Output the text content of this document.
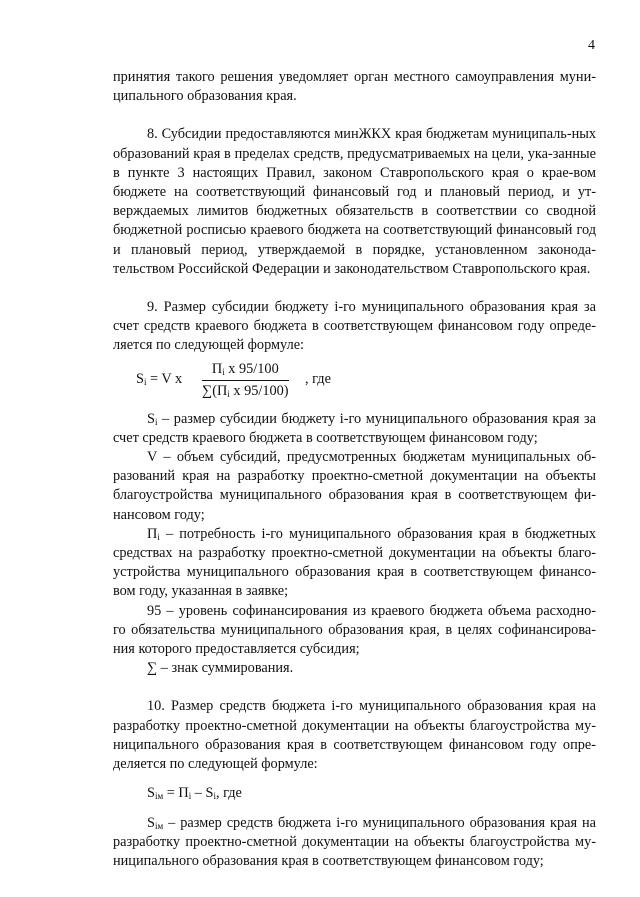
4

принятия такого решения уведомляет орган местного самоуправления муни-ципального образования края.

8. Субсидии предоставляются минЖКХ края бюджетам муниципаль-ных образований края в пределах средств, предусматриваемых на цели, ука-занные в пункте 3 настоящих Правил, законом Ставропольского края о крае-вом бюджете на соответствующий финансовый год и плановый период, и ут-верждаемых лимитов бюджетных обязательств в соответствии со сводной бюджетной росписью краевого бюджета на соответствующий финансовый год и плановый период, утверждаемой в порядке, установленном законода-тельством Российской Федерации и законодательством Ставропольского края.

9. Размер субсидии бюджету i-го муниципального образования края за счет средств краевого бюджета в соответствующем финансовом году опреде-ляется по следующей формуле:

$S_i = V$ x
$П_i$ x 95/100
$\sum(П_i$ x 95/100)
, где

$S_i$ – размер субсидии бюджету i-го муниципального образования края за счет средств краевого бюджета в соответствующем финансовом году;

V – объем субсидий, предусмотренных бюджетам муниципальных об-разований края на разработку проектно-сметной документации на объекты благоустройства муниципального образования края в соответствующем фи-нансовом году;

$П_i$ – потребность i-го муниципального образования края в бюджетных средствах на разработку проектно-сметной документации на объекты благо-устройства муниципального образования края в соответствующем финансо-вом году, указанная в заявке;

95 – уровень софинансирования из краевого бюджета объема расходно-го обязательства муниципального образования края, в целях софинансирова-ния которого предоставляется субсидия;

∑ – знак суммирования.

10. Размер средств бюджета i-го муниципального образования края на разработку проектно-сметной документации на объекты благоустройства му-ниципального образования края в соответствующем финансовом году опре-деляется по следующей формуле:

$S_{iм} = П_i - S_i$, где

$S_{iм}$ – размер средств бюджета i-го муниципального образования края на разработку проектно-сметной документации на объекты благоустройства му-ниципального образования края в соответствующем финансовом году;
